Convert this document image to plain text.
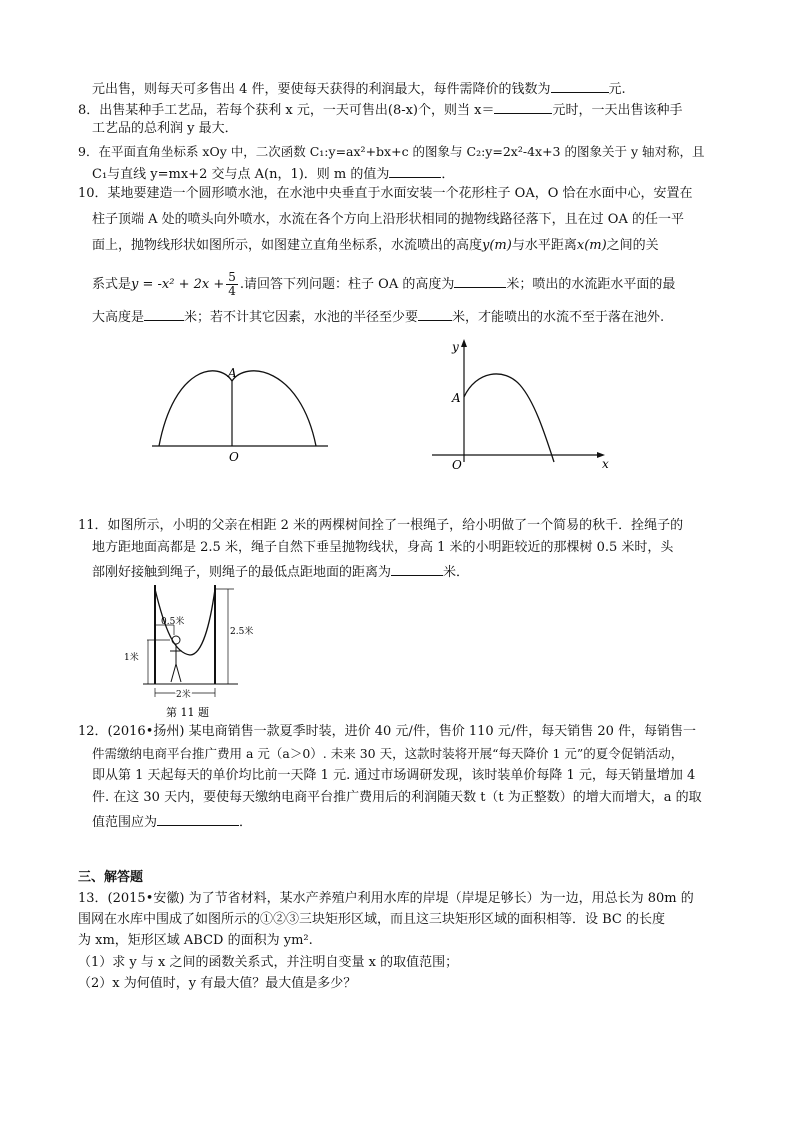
元出售，则每天可多售出 4 件，要使每天获得的利润最大，每件需降价的钱数为	元.
8．出售某种手工艺品，若每个获利 x 元，一天可售出(8-x)个，则当 x＝	元时，一天出售该种手
工艺品的总利润 y 最大．
9．在平面直角坐标系 xOy 中，二次函数 C₁:y=ax²+bx+c 的图象与 C₂:y=2x²-4x+3 的图象关于 y 轴对称，且
C₁与直线 y=mx+2 交与点 A(n，1)．则 m 的值为	．
10．某地要建造一个圆形喷水池，在水池中央垂直于水面安装一个花形柱子 OA，O 恰在水面中心，安置在
柱子顶端 A 处的喷头向外喷水，水流在各个方向上沿形状相同的抛物线路径落下，且在过 OA 的任一平
面上，抛物线形状如图所示，如图建立直角坐标系，水流喷出的高度y(m)与水平距离x(m)之间的关
系式是$y = -x^2 + 2x + \frac{5}{4}$ .请回答下列问题：柱子 OA 的高度为	米；喷出的水流距水平面的最
大高度是	米；若不计其它因素，水池的半径至少要	米，才能喷出的水流不至于落在池外.
A
O
y
A
O	x
11．如图所示，小明的父亲在相距 2 米的两棵树间拴了一根绳子，给小明做了一个简易的秋千．拴绳子的
地方距地面高都是 2.5 米，绳子自然下垂呈抛物线状，身高 1 米的小明距较近的那棵树 0.5 米时，头
部刚好接触到绳子，则绳子的最低点距地面的距离为	米．
0.5米
2.5米
1米
2米
第 11 题
12．(2016•扬州) 某电商销售一款夏季时装，进价 40 元/件，售价 110 元/件，每天销售 20 件，每销售一
件需缴纳电商平台推广费用 a 元（a＞0）. 未来 30 天，这款时装将开展“每天降价 1 元”的夏令促销活动，
即从第 1 天起每天的单价均比前一天降 1 元. 通过市场调研发现，该时装单价每降 1 元，每天销量增加 4
件. 在这 30 天内，要使每天缴纳电商平台推广费用后的利润随天数 t（t 为正整数）的增大而增大，a 的取
值范围应为	．
三、解答题
13．(2015•安徽) 为了节省材料，某水产养殖户利用水库的岸堤（岸堤足够长）为一边，用总长为 80m 的
围网在水库中围成了如图所示的①②③三块矩形区域，而且这三块矩形区域的面积相等．设 BC 的长度
为 xm，矩形区域 ABCD 的面积为 ym².
（1）求 y 与 x 之间的函数关系式，并注明自变量 x 的取值范围；
（2）x 为何值时，y 有最大值？最大值是多少？
